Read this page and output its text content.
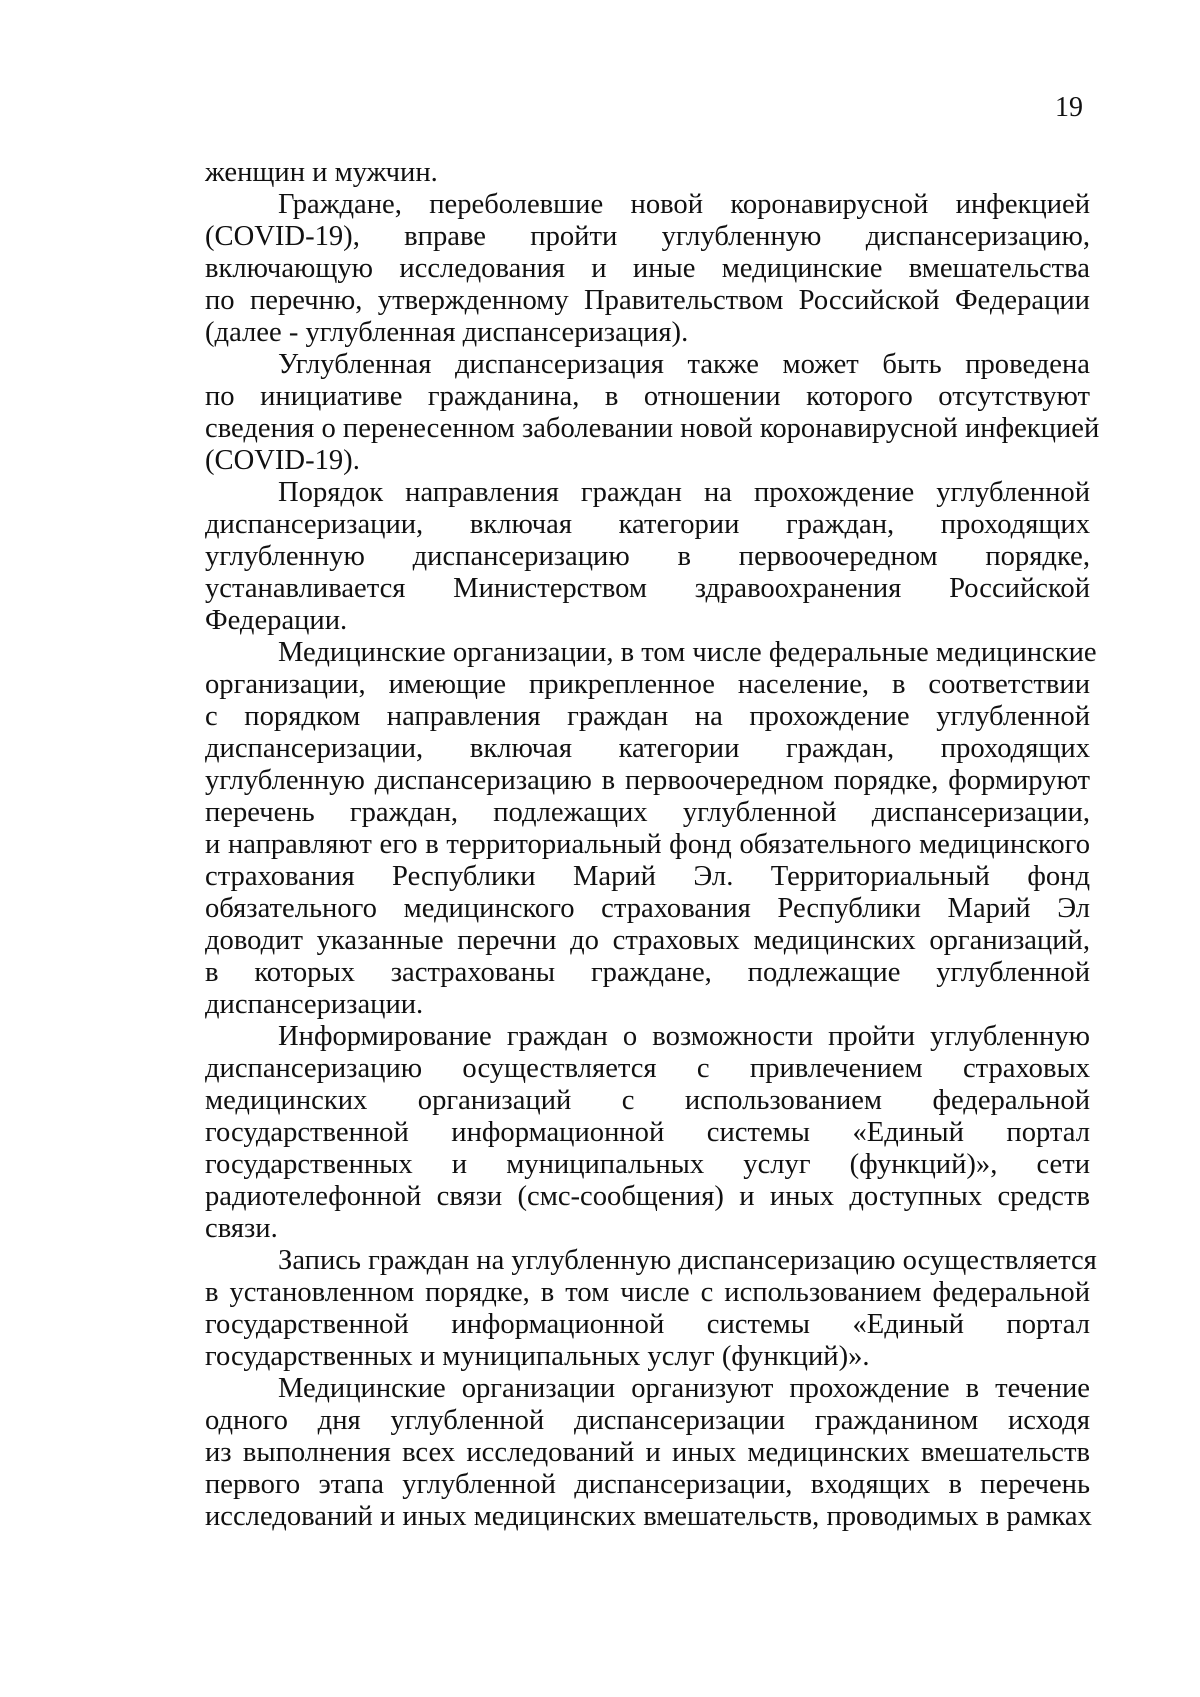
19
женщин и мужчин.
Граждане, переболевшие новой коронавирусной инфекцией
(COVID-19), вправе пройти углубленную диспансеризацию,
включающую исследования и иные медицинские вмешательства
по перечню, утвержденному Правительством Российской Федерации
(далее - углубленная диспансеризация).
Углубленная диспансеризация также может быть проведена
по инициативе гражданина, в отношении которого отсутствуют
сведения о перенесенном заболевании новой коронавирусной инфекцией
(COVID-19).
Порядок направления граждан на прохождение углубленной
диспансеризации, включая категории граждан, проходящих
углубленную диспансеризацию в первоочередном порядке,
устанавливается Министерством здравоохранения Российской
Федерации.
Медицинские организации, в том числе федеральные медицинские
организации, имеющие прикрепленное население, в соответствии
с порядком направления граждан на прохождение углубленной
диспансеризации, включая категории граждан, проходящих
углубленную диспансеризацию в первоочередном порядке, формируют
перечень граждан, подлежащих углубленной диспансеризации,
и направляют его в территориальный фонд обязательного медицинского
страхования Республики Марий Эл. Территориальный фонд
обязательного медицинского страхования Республики Марий Эл
доводит указанные перечни до страховых медицинских организаций,
в которых застрахованы граждане, подлежащие углубленной
диспансеризации.
Информирование граждан о возможности пройти углубленную
диспансеризацию осуществляется с привлечением страховых
медицинских организаций с использованием федеральной
государственной информационной системы «Единый портал
государственных и муниципальных услуг (функций)», сети
радиотелефонной связи (смс-сообщения) и иных доступных средств
связи.
Запись граждан на углубленную диспансеризацию осуществляется
в установленном порядке, в том числе с использованием федеральной
государственной информационной системы «Единый портал
государственных и муниципальных услуг (функций)».
Медицинские организации организуют прохождение в течение
одного дня углубленной диспансеризации гражданином исходя
из выполнения всех исследований и иных медицинских вмешательств
первого этапа углубленной диспансеризации, входящих в перечень
исследований и иных медицинских вмешательств, проводимых в рамках
